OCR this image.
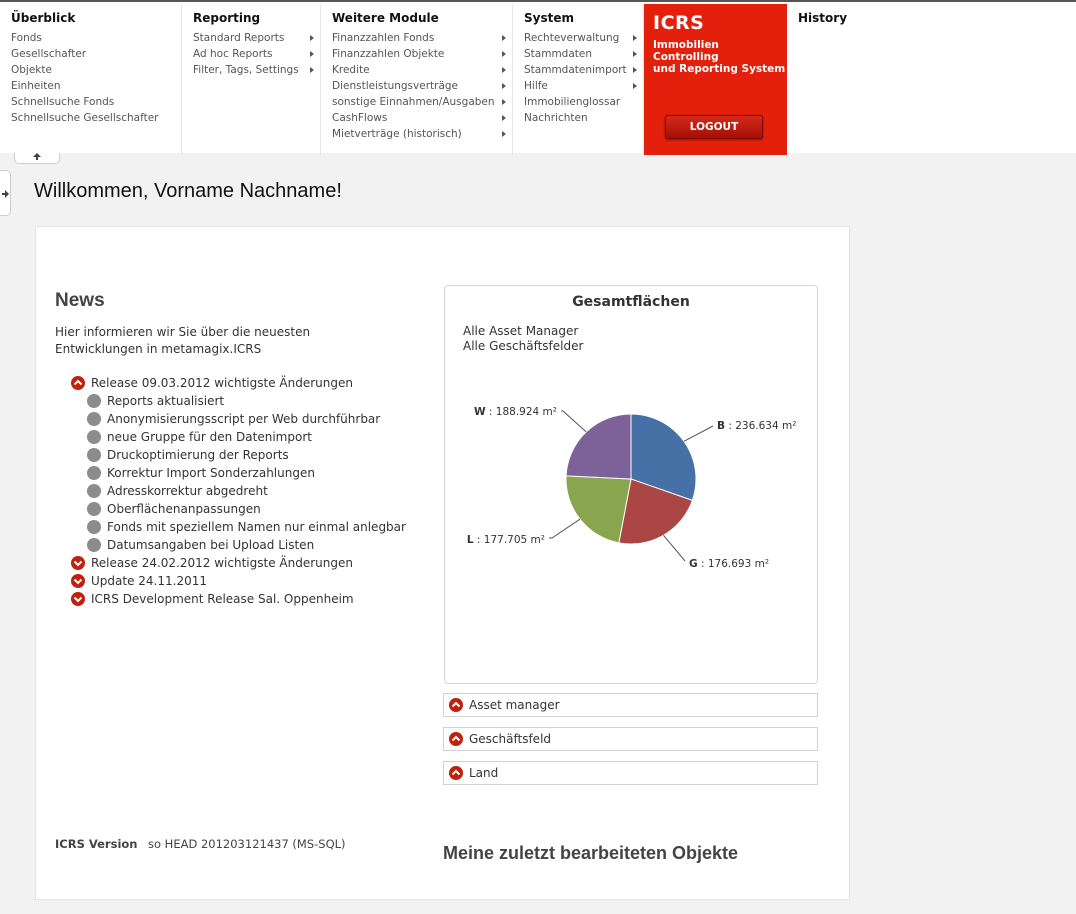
Überblick
Fonds
Gesellschafter
Objekte
Einheiten
Schnellsuche Fonds
Schnellsuche Gesellschafter
Reporting
Standard Reports
Ad hoc Reports
Filter, Tags, Settings
Weitere Module
Finanzzahlen Fonds
Finanzzahlen Objekte
Kredite
Dienstleistungsverträge
sonstige Einnahmen/Ausgaben
CashFlows
Mietverträge (historisch)
System
Rechteverwaltung
Stammdaten
Stammdatenimport
Hilfe
Immobilienglossar
Nachrichten
ICRS
Immobilien Controlling
und Reporting System
LOGOUT
History
Willkommen, Vorname Nachname!
News
Hier informieren wir Sie über die neuesten Entwicklungen in metamagix.ICRS
Release 09.03.2012 wichtigste Änderungen
Reports aktualisiert
Anonymisierungsscript per Web durchführbar
neue Gruppe für den Datenimport
Druckoptimierung der Reports
Korrektur Import Sonderzahlungen
Adresskorrektur abgedreht
Oberflächenanpassungen
Fonds mit speziellem Namen nur einmal anlegbar
Datumsangaben bei Upload Listen
Release 24.02.2012 wichtigste Änderungen
Update 24.11.2011
ICRS Development Release Sal. Oppenheim
Gesamtflächen
Alle Asset Manager
Alle Geschäftsfelder
B : 236.634 m²
G : 176.693 m²
L : 177.705 m²
W : 188.924 m²
Asset manager
Geschäftsfeld
Land
ICRS Version so HEAD 201203121437 (MS-SQL)	Meine zuletzt bearbeiteten Objekte
